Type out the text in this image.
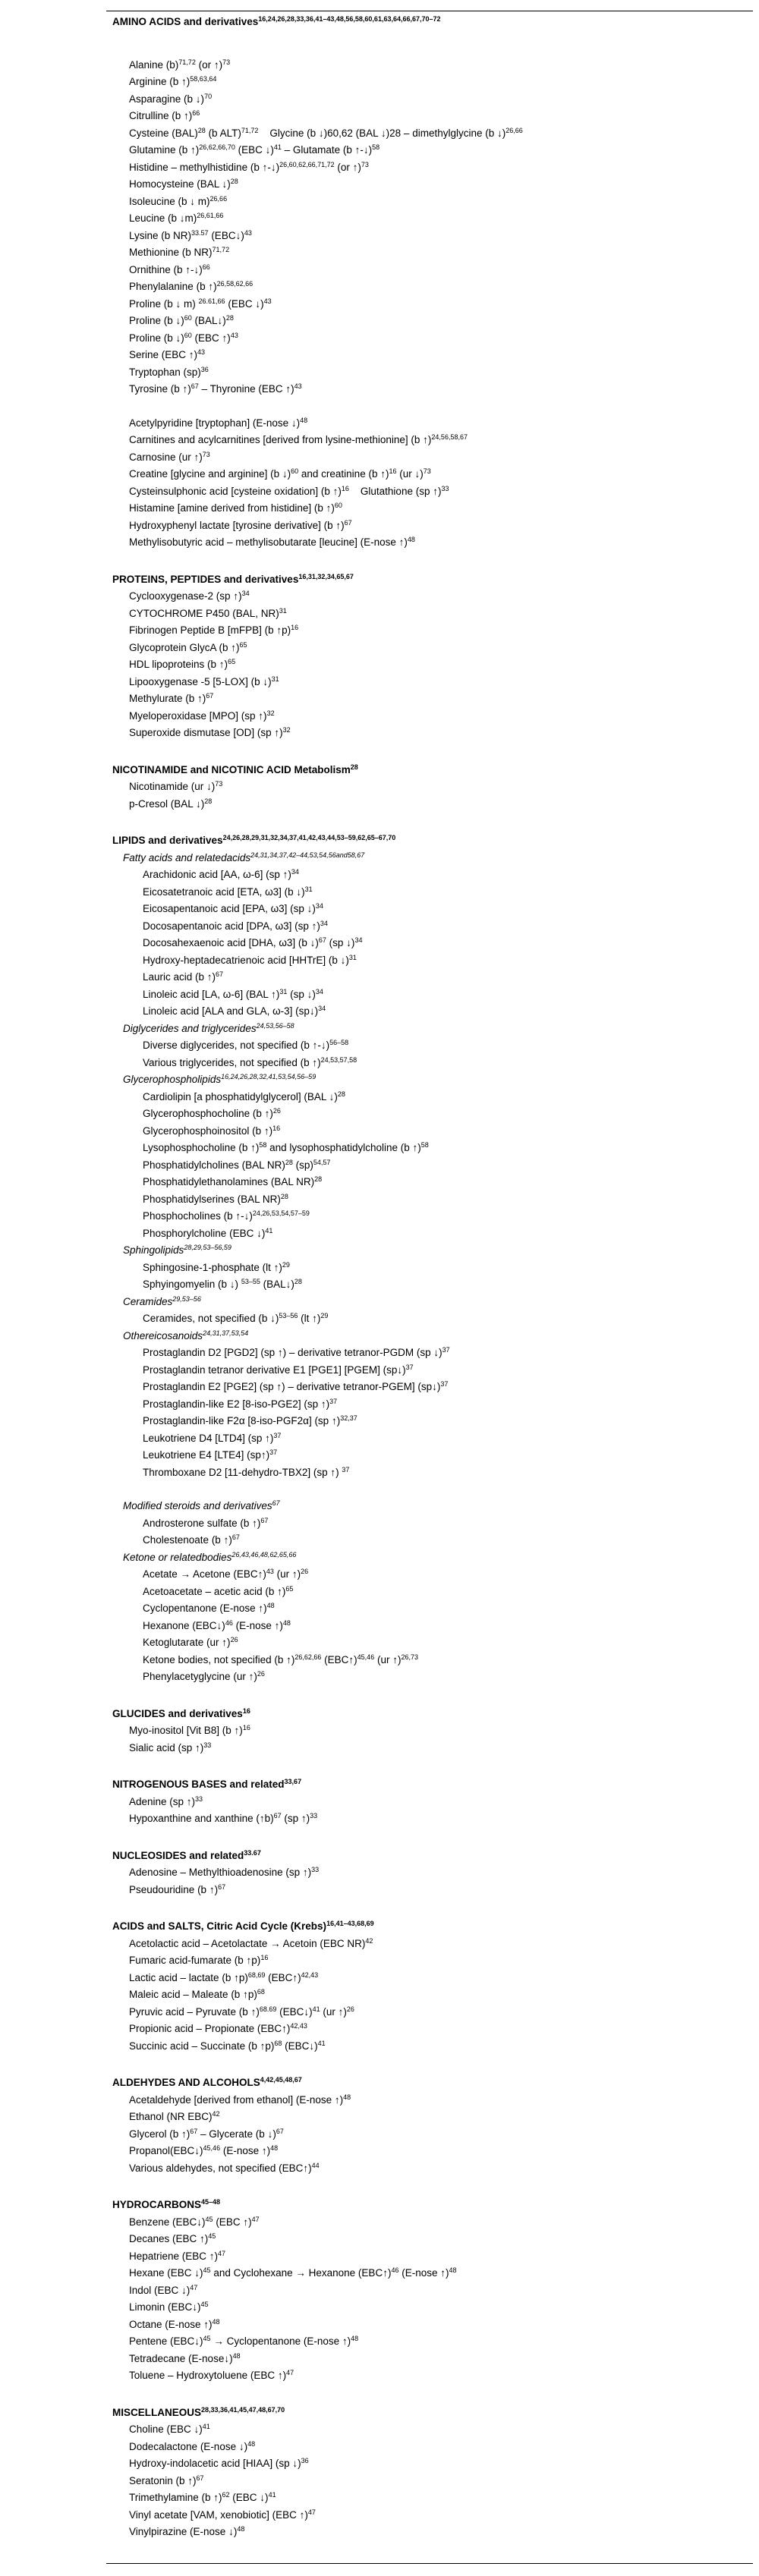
AMINO ACIDS and derivatives$^{16,24,26,28,33,36,41-43,48,56,58,60,61,63,64,66,67,70-72}$
Alanine $(b)^{71,72}$ (or ↑)$^{73}$
Arginine (b ↑)$^{58,63,64}$
Asparagine (b ↓)$^{70}$
Citrulline (b ↑)$^{66}$
Cysteine (BAL)$^{28}$ (b ALT)$^{71,72}$    Glycine (b ↓)60,62 (BAL ↓)28 – dimethylglycine (b ↓)$^{26,66}$
Glutamine (b ↑)$^{26,62,66,70}$ (EBC ↓)$^{41}$ – Glutamate (b ↑-↓)$^{58}$
Histidine – methylhistidine (b ↑-↓)$^{26,60,62,66,71,72}$ (or ↑)$^{73}$
Homocysteine (BAL ↓)$^{28}$
Isoleucine (b ↓ m)$^{26,66}$
Leucine (b ↓m)$^{26,61,66}$
Lysine (b NR)$^{33.57}$ (EBC↓)$^{43}$
Methionine (b NR)$^{71,72}$
Ornithine (b ↑-↓)$^{66}$
Phenylalanine (b ↑)$^{26,58,62,66}$
Proline (b ↓ m) $^{26.61,66}$ (EBC ↓)$^{43}$
Proline (b ↓)$^{60}$ (BAL↓)$^{28}$
Proline (b ↓)$^{60}$ (EBC ↑)$^{43}$
Serine (EBC ↑)$^{43}$
Tryptophan (sp)$^{36}$
Tyrosine (b ↑)$^{67}$ – Thyronine (EBC ↑)$^{43}$
Acetylpyridine [tryptophan] (E-nose ↓)$^{48}$
Carnitines and acylcarnitines [derived from lysine-methionine] (b ↑)$^{24,56,58,67}$
Carnosine (ur ↑)$^{73}$
Creatine [glycine and arginine] (b ↓)$^{60}$ and creatinine (b ↑)$^{16}$ (ur ↓)$^{73}$
Cysteinsulphonic acid [cysteine oxidation] (b ↑)$^{16}$    Glutathione (sp ↑)$^{33}$
Histamine [amine derived from histidine] (b ↑)$^{60}$
Hydroxyphenyl lactate [tyrosine derivative] (b ↑)$^{67}$
Methylisobutyric acid – methylisobutarate [leucine] (E-nose ↑)$^{48}$
PROTEINS, PEPTIDES and derivatives$^{16,31,32,34,65,67}$
Cyclooxygenase-2 (sp ↑)$^{34}$
CYTOCHROME P450 (BAL, NR)$^{31}$
Fibrinogen Peptide B [mFPB] (b ↑p)$^{16}$
Glycoprotein GlycA (b ↑)$^{65}$
HDL lipoproteins (b ↑)$^{65}$
Lipooxygenase -5 [5-LOX] (b ↓)$^{31}$
Methylurate (b ↑)$^{67}$
Myeloperoxidase [MPO] (sp ↑)$^{32}$
Superoxide dismutase [OD] (sp ↑)$^{32}$
NICOTINAMIDE and NICOTINIC ACID Metabolism$^{28}$
Nicotinamide (ur ↓)$^{73}$
p-Cresol (BAL ↓)$^{28}$
LIPIDS and derivatives$^{24,26,28,29,31,32,34,37,41,42,43,44,53-59,62,65-67,70}$
Fatty acids and relatedacids$^{24,31,34,37,42-44,53,54,56and58,67}$
Arachidonic acid [AA, ω-6] (sp ↑)$^{34}$
Eicosatetranoic acid [ETA, ω3] (b ↓)$^{31}$
Eicosapentanoic acid [EPA, ω3] (sp ↓)$^{34}$
Docosapentanoic acid [DPA, ω3] (sp ↑)$^{34}$
Docosahexaenoic acid [DHA, ω3] (b ↓)$^{67}$ (sp ↓)$^{34}$
Hydroxy-heptadecatrienoic acid [HHTrE] (b ↓)$^{31}$
Lauric acid (b ↑)$^{67}$
Linoleic acid [LA, ω-6] (BAL ↑)$^{31}$ (sp ↓)$^{34}$
Linoleic acid [ALA and GLA, ω-3] (sp↓)$^{34}$
Diglycerides and triglycerides$^{24,53,56-58}$
Diverse diglycerides, not specified (b ↑-↓)$^{56-58}$
Various triglycerides, not specified (b ↑)$^{24,53,57,58}$
Glycerophospholipids$^{16,24,26,28,32,41,53,54,56-59}$
Cardiolipin [a phosphatidylglycerol] (BAL ↓)$^{28}$
Glycerophosphocholine (b ↑)$^{26}$
Glycerophosphoinositol (b ↑)$^{16}$
Lysophosphocholine (b ↑)$^{58}$ and lysophosphatidylcholine (b ↑)$^{58}$
Phosphatidylcholines (BAL NR)$^{28}$ (sp)$^{54,57}$
Phosphatidylethanolamines (BAL NR)$^{28}$
Phosphatidylserines (BAL NR)$^{28}$
Phosphocholines (b ↑-↓)$^{24,26,53,54,57-59}$
Phosphorylcholine (EBC ↓)$^{41}$
Sphingolipids$^{28,29,53-56,59}$
Sphingosine-1-phosphate (lt ↑)$^{29}$
Sphyingomyelin (b ↓) $^{53-55}$ (BAL↓)$^{28}$
Ceramides$^{29,53-56}$
Ceramides, not specified (b ↓)$^{53-56}$ (lt ↑)$^{29}$
Othereicosanoids$^{24,31,37,53,54}$
Prostaglandin D2 [PGD2] (sp ↑) – derivative tetranor-PGDM (sp ↓)$^{37}$
Prostaglandin tetranor derivative E1 [PGE1] [PGEM] (sp↓)$^{37}$
Prostaglandin E2 [PGE2] (sp ↑) – derivative tetranor-PGEM] (sp↓)$^{37}$
Prostaglandin-like E2 [8-iso-PGE2] (sp ↑)$^{37}$
Prostaglandin-like F2α [8-iso-PGF2α] (sp ↑)$^{32,37}$
Leukotriene D4 [LTD4] (sp ↑)$^{37}$
Leukotriene E4 [LTE4] (sp↑)$^{37}$
Thromboxane D2 [11-dehydro-TBX2] (sp ↑) $^{37}$
Modified steroids and derivatives$^{67}$
Androsterone sulfate (b ↑)$^{67}$
Cholestenoate (b ↑)$^{67}$
Ketone or relatedbodies$^{26,43,46,48,62,65,66}$
Acetate → Acetone (EBC↑)$^{43}$ (ur ↑)$^{26}$
Acetoacetate – acetic acid (b ↑)$^{65}$
Cyclopentanone (E-nose ↑)$^{48}$
Hexanone (EBC↓)$^{46}$ (E-nose ↑)$^{48}$
Ketoglutarate (ur ↑)$^{26}$
Ketone bodies, not specified (b ↑)$^{26,62,66}$ (EBC↑)$^{45,46}$ (ur ↑)$^{26,73}$
Phenylacetyglycine (ur ↑)$^{26}$
GLUCIDES and derivatives$^{16}$
Myo-inositol [Vit B8] (b ↑)$^{16}$
Sialic acid (sp ↑)$^{33}$
NITROGENOUS BASES and related$^{33,67}$
Adenine (sp ↑)$^{33}$
Hypoxanthine and xanthine (↑b)$^{67}$ (sp ↑)$^{33}$
NUCLEOSIDES and related$^{33.67}$
Adenosine – Methylthioadenosine (sp ↑)$^{33}$
Pseudouridine (b ↑)$^{67}$
ACIDS and SALTS, Citric Acid Cycle (Krebs)$^{16,41-43,68,69}$
Acetolactic acid – Acetolactate → Acetoin (EBC NR)$^{42}$
Fumaric acid-fumarate (b ↑p)$^{16}$
Lactic acid – lactate (b ↑p)$^{68,69}$ (EBC↑)$^{42,43}$
Maleic acid – Maleate (b ↑p)$^{68}$
Pyruvic acid – Pyruvate (b ↑)$^{68.69}$ (EBC↓)$^{41}$ (ur ↑)$^{26}$
Propionic acid – Propionate (EBC↑)$^{42,43}$
Succinic acid – Succinate (b ↑p)$^{68}$ (EBC↓)$^{41}$
ALDEHYDES AND ALCOHOLS$^{4,42,45,48,67}$
Acetaldehyde [derived from ethanol] (E-nose ↑)$^{48}$
Ethanol (NR EBC)$^{42}$
Glycerol (b ↑)$^{67}$ – Glycerate (b ↓)$^{67}$
Propanol(EBC↓)$^{45,46}$ (E-nose ↑)$^{48}$
Various aldehydes, not specified (EBC↑)$^{44}$
HYDROCARBONS$^{45-48}$
Benzene (EBC↓)$^{45}$ (EBC ↑)$^{47}$
Decanes (EBC ↑)$^{45}$
Hepatriene (EBC ↑)$^{47}$
Hexane (EBC ↓)$^{45}$ and Cyclohexane → Hexanone (EBC↑)$^{46}$ (E-nose ↑)$^{48}$
Indol (EBC ↓)$^{47}$
Limonin (EBC↓)$^{45}$
Octane (E-nose ↑)$^{48}$
Pentene (EBC↓)$^{45}$ → Cyclopentanone (E-nose ↑)$^{48}$
Tetradecane (E-nose↓)$^{48}$
Toluene – Hydroxytoluene (EBC ↑)$^{47}$
MISCELLANEOUS$^{28,33,36,41,45,47,48,67,70}$
Choline (EBC ↓)$^{41}$
Dodecalactone (E-nose ↓)$^{48}$
Hydroxy-indolacetic acid [HIAA] (sp ↓)$^{36}$
Seratonin (b ↑)$^{67}$
Trimethylamine (b ↑)$^{62}$ (EBC ↓)$^{41}$
Vinyl acetate [VAM, xenobiotic] (EBC ↑)$^{47}$
Vinylpirazine (E-nose ↓)$^{48}$
